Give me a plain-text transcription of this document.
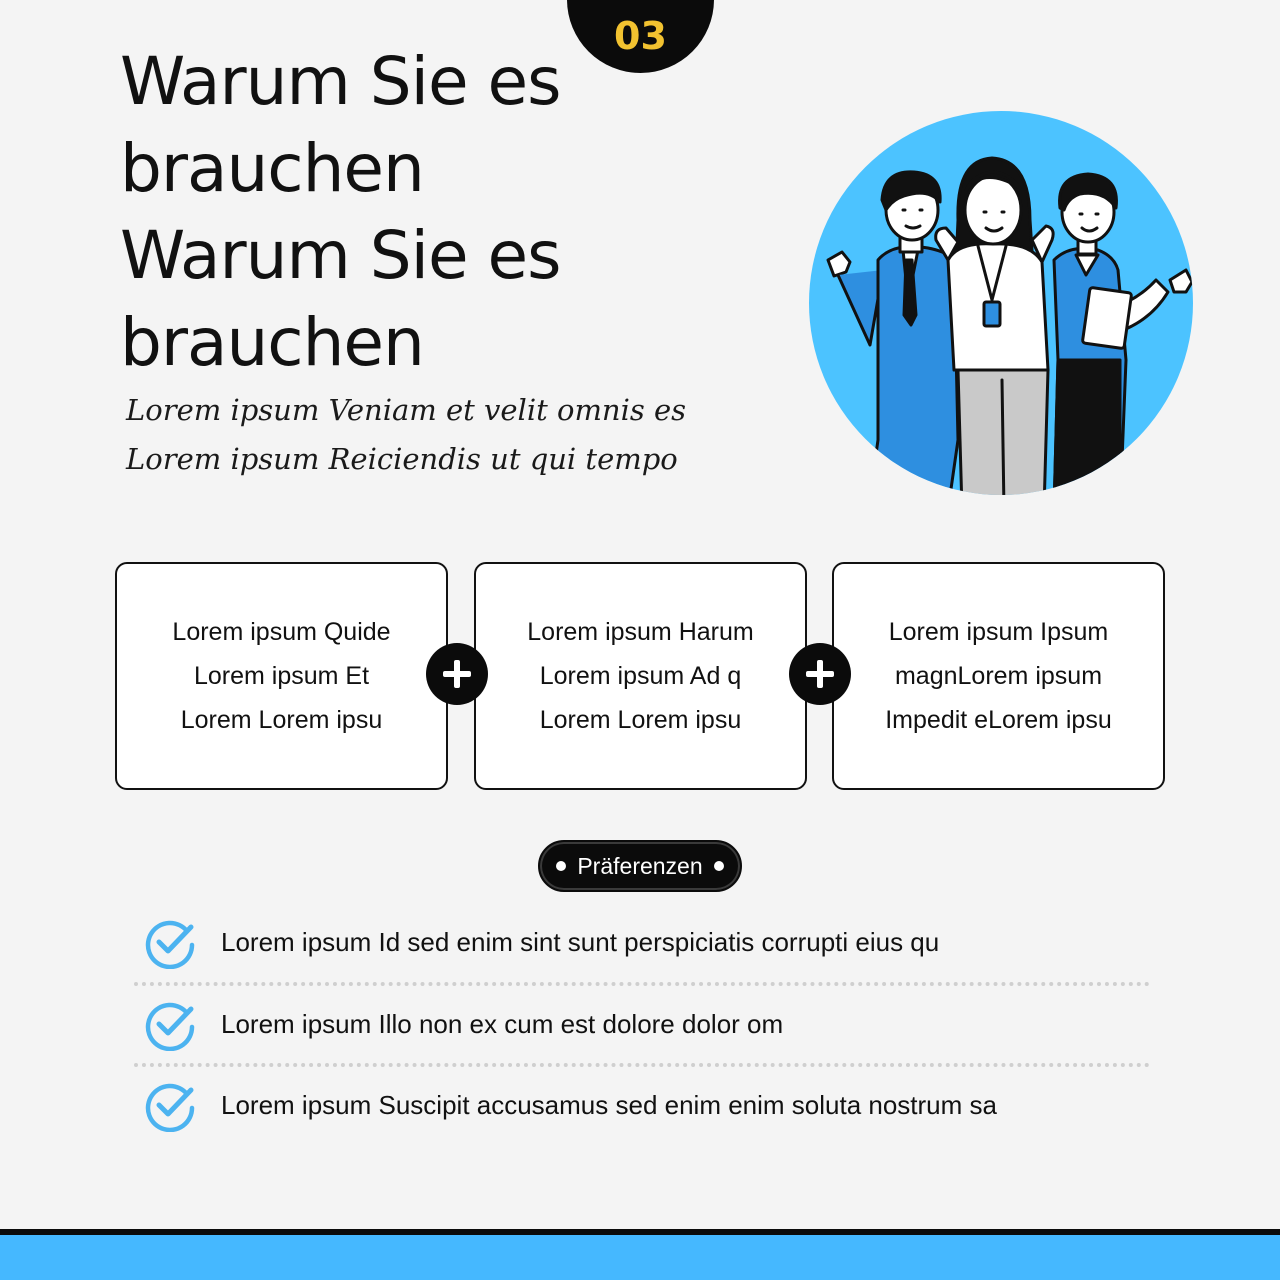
03
Warum Sie es brauchen Warum Sie es brauchen
Lorem ipsum Veniam et velit omnis es
Lorem ipsum Reiciendis ut qui tempo
Lorem ipsum Quide
Lorem ipsum Et
Lorem Lorem ipsu
Lorem ipsum Harum
Lorem ipsum Ad q
Lorem Lorem ipsu
Lorem ipsum Ipsum
magnLorem ipsum
Impedit eLorem ipsu
Präferenzen
Lorem ipsum Id sed enim sint sunt perspiciatis corrupti eius qu
Lorem ipsum Illo non ex cum est dolore dolor om
Lorem ipsum Suscipit accusamus sed enim enim soluta nostrum sa
